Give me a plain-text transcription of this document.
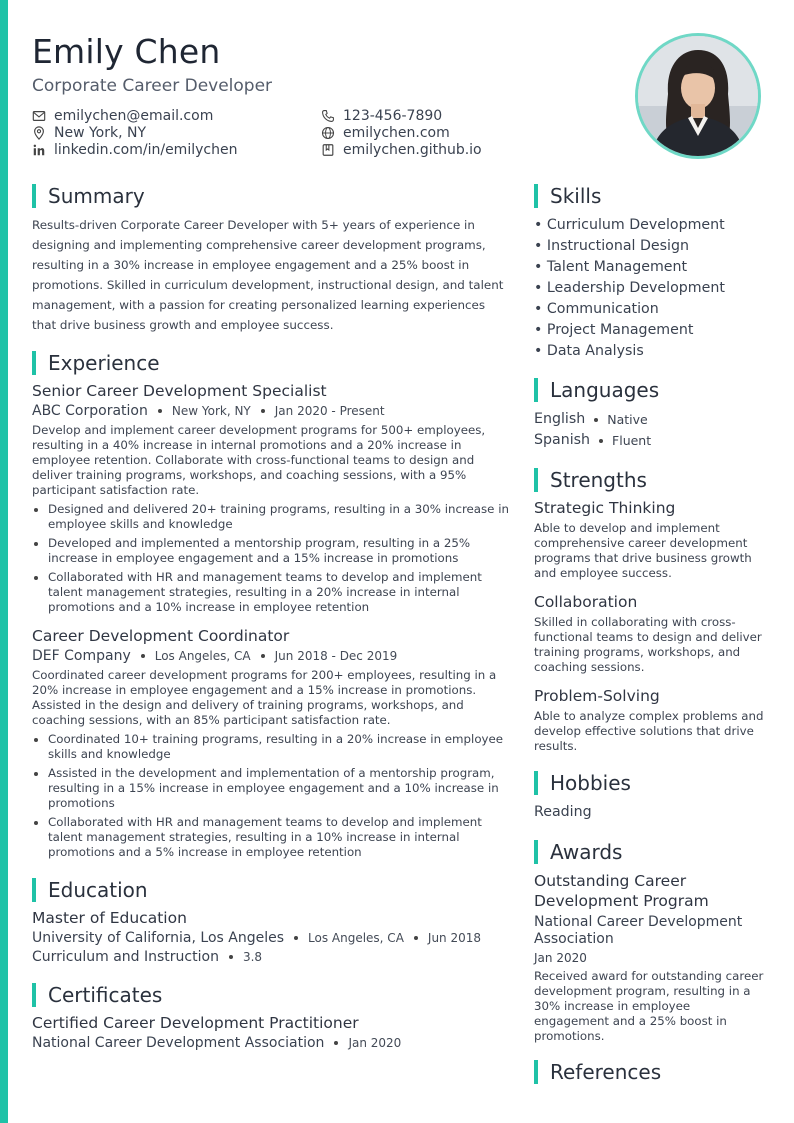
Emily Chen
Corporate Career Developer
emilychen@email.com	123-456-7890
New York, NY	emilychen.com
linkedin.com/in/emilychen	emilychen.github.io
Summary
Results-driven Corporate Career Developer with 5+ years of experience in designing and implementing comprehensive career development programs, resulting in a 30% increase in employee engagement and a 25% boost in promotions. Skilled in curriculum development, instructional design, and talent management, with a passion for creating personalized learning experiences that drive business growth and employee success.
Experience
Senior Career Development Specialist
ABC Corporation New York, NY Jan 2020 - Present
Develop and implement career development programs for 500+ employees, resulting in a 40% increase in internal promotions and a 20% increase in employee retention. Collaborate with cross-functional teams to design and deliver training programs, workshops, and coaching sessions, with a 95% participant satisfaction rate.
Designed and delivered 20+ training programs, resulting in a 30% increase in employee skills and knowledge
Developed and implemented a mentorship program, resulting in a 25% increase in employee engagement and a 15% increase in promotions
Collaborated with HR and management teams to develop and implement talent management strategies, resulting in a 20% increase in internal promotions and a 10% increase in employee retention
Career Development Coordinator
DEF Company Los Angeles, CA Jun 2018 - Dec 2019
Coordinated career development programs for 200+ employees, resulting in a 20% increase in employee engagement and a 15% increase in promotions. Assisted in the design and delivery of training programs, workshops, and coaching sessions, with an 85% participant satisfaction rate.
Coordinated 10+ training programs, resulting in a 20% increase in employee skills and knowledge
Assisted in the development and implementation of a mentorship program, resulting in a 15% increase in employee engagement and a 10% increase in promotions
Collaborated with HR and management teams to develop and implement talent management strategies, resulting in a 10% increase in internal promotions and a 5% increase in employee retention
Education
Master of Education
University of California, Los Angeles Los Angeles, CA Jun 2018
Curriculum and Instruction 3.8
Certificates
Certified Career Development Practitioner
National Career Development Association Jan 2020
Skills
• Curriculum Development
• Instructional Design
• Talent Management
• Leadership Development
• Communication
• Project Management
• Data Analysis
Languages
English Native
Spanish Fluent
Strengths
Strategic Thinking
Able to develop and implement comprehensive career development programs that drive business growth and employee success.
Collaboration
Skilled in collaborating with cross-functional teams to design and deliver training programs, workshops, and coaching sessions.
Problem-Solving
Able to analyze complex problems and develop effective solutions that drive results.
Hobbies
Reading
Awards
Outstanding Career Development Program
National Career Development Association
Jan 2020
Received award for outstanding career development program, resulting in a 30% increase in employee engagement and a 25% boost in promotions.
References
